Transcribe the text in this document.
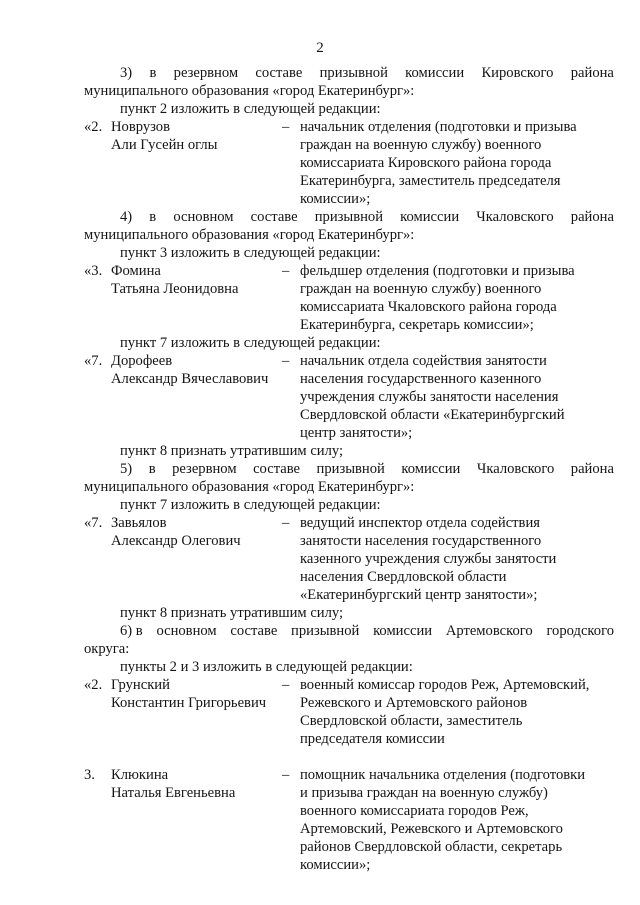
2
3) в резервном составе призывной комиссии Кировского района
муниципального образования «город Екатеринбург»:
пункт 2 изложить в следующей редакции:
«2. Новрузов
Али Гусейн оглы
– начальник отделения (подготовки и призыва
граждан на военную службу) военного
комиссариата Кировского района города
Екатеринбурга, заместитель председателя
комиссии»;
4) в основном составе призывной комиссии Чкаловского района
муниципального образования «город Екатеринбург»:
пункт 3 изложить в следующей редакции:
«3. Фомина
Татьяна Леонидовна
– фельдшер отделения (подготовки и призыва
граждан на военную службу) военного
комиссариата Чкаловского района города
Екатеринбурга, секретарь комиссии»;
пункт 7 изложить в следующей редакции:
«7. Дорофеев
Александр Вячеславович
– начальник отдела содействия занятости
населения государственного казенного
учреждения службы занятости населения
Свердловской области «Екатеринбургский
центр занятости»;
пункт 8 признать утратившим силу;
5) в резервном составе призывной комиссии Чкаловского района
муниципального образования «город Екатеринбург»:
пункт 7 изложить в следующей редакции:
«7. Завьялов
Александр Олегович
– ведущий инспектор отдела содействия
занятости населения государственного
казенного учреждения службы занятости
населения Свердловской области
«Екатеринбургский центр занятости»;
пункт 8 признать утратившим силу;
6) в основном составе призывной комиссии Артемовского городского
округа:
пункты 2 и 3 изложить в следующей редакции:
«2. Грунский
Константин Григорьевич
– военный комиссар городов Реж, Артемовский,
Режевского и Артемовского районов
Свердловской области, заместитель
председателя комиссии
3. Клюкина
Наталья Евгеньевна
– помощник начальника отделения (подготовки
и призыва граждан на военную службу)
военного комиссариата городов Реж,
Артемовский, Режевского и Артемовского
районов Свердловской области, секретарь
комиссии»;
